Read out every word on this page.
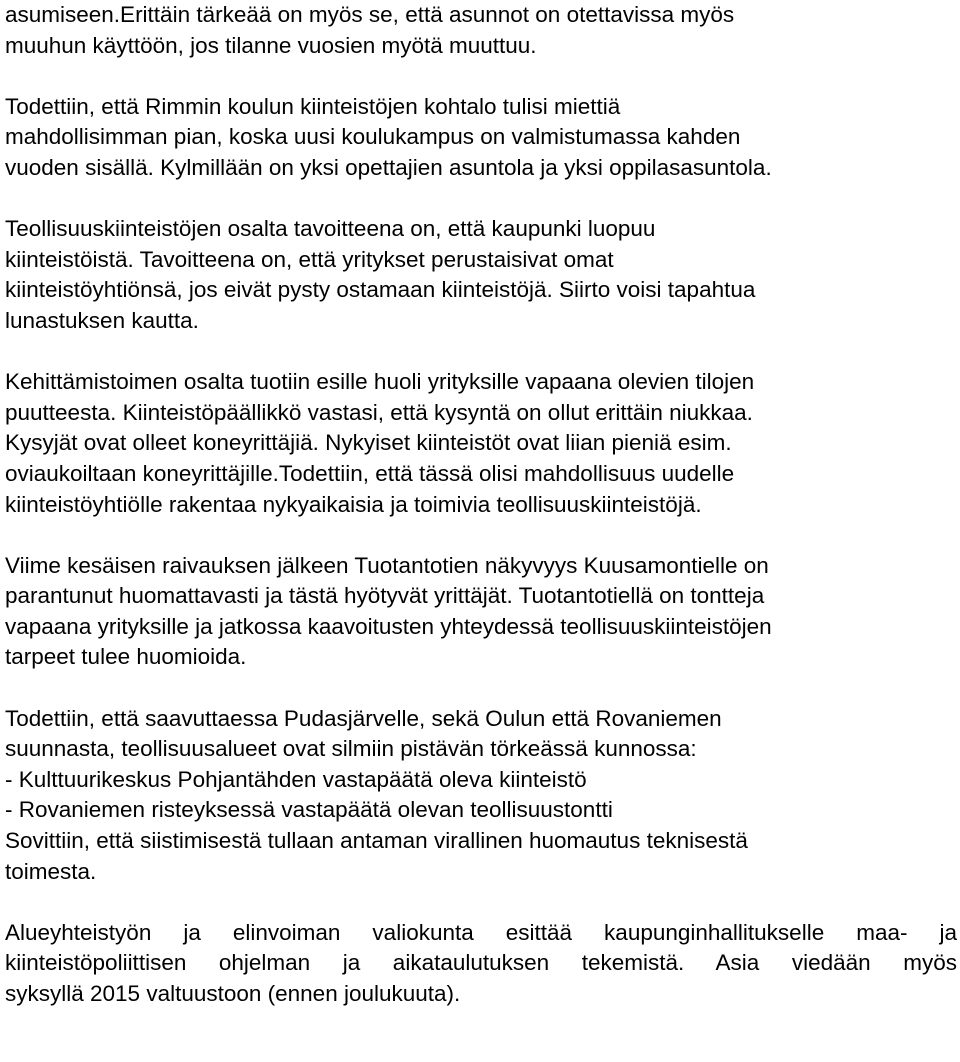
asumiseen.Erittäin tärkeää on myös se, että asunnot on otettavissa myös
muuhun käyttöön, jos tilanne vuosien myötä muuttuu.
Todettiin, että Rimmin koulun kiinteistöjen kohtalo tulisi miettiä
mahdollisimman pian, koska uusi koulukampus on valmistumassa kahden
vuoden sisällä. Kylmillään on yksi opettajien asuntola ja yksi oppilasasuntola.
Teollisuuskiinteistöjen osalta tavoitteena on, että kaupunki luopuu
kiinteistöistä. Tavoitteena on, että yritykset perustaisivat omat
kiinteistöyhtiönsä, jos eivät pysty ostamaan kiinteistöjä. Siirto voisi tapahtua
lunastuksen kautta.
Kehittämistoimen osalta tuotiin esille huoli yrityksille vapaana olevien tilojen
puutteesta. Kiinteistöpäällikkö vastasi, että kysyntä on ollut erittäin niukkaa.
Kysyjät ovat olleet koneyrittäjiä. Nykyiset kiinteistöt ovat liian pieniä esim.
oviaukoiltaan koneyrittäjille.Todettiin, että tässä olisi mahdollisuus uudelle
kiinteistöyhtiölle rakentaa nykyaikaisia ja toimivia teollisuuskiinteistöjä.
Viime kesäisen raivauksen jälkeen Tuotantotien näkyvyys Kuusamontielle on
parantunut huomattavasti ja tästä hyötyvät yrittäjät. Tuotantotiellä on tontteja
vapaana yrityksille ja jatkossa kaavoitusten yhteydessä teollisuuskiinteistöjen
tarpeet tulee huomioida.
Todettiin, että saavuttaessa Pudasjärvelle, sekä Oulun että Rovaniemen
suunnasta, teollisuusalueet ovat silmiin pistävän törkeässä kunnossa:
- Kulttuurikeskus Pohjantähden vastapäätä oleva kiinteistö
- Rovaniemen risteyksessä vastapäätä olevan teollisuustontti
Sovittiin, että siistimisestä tullaan antaman virallinen huomautus teknisestä
toimesta.
Alueyhteistyön ja elinvoiman valiokunta esittää kaupunginhallitukselle maa- ja
kiinteistöpoliittisen ohjelman ja aikataulutuksen tekemistä. Asia viedään myös
syksyllä 2015 valtuustoon (ennen joulukuuta).
